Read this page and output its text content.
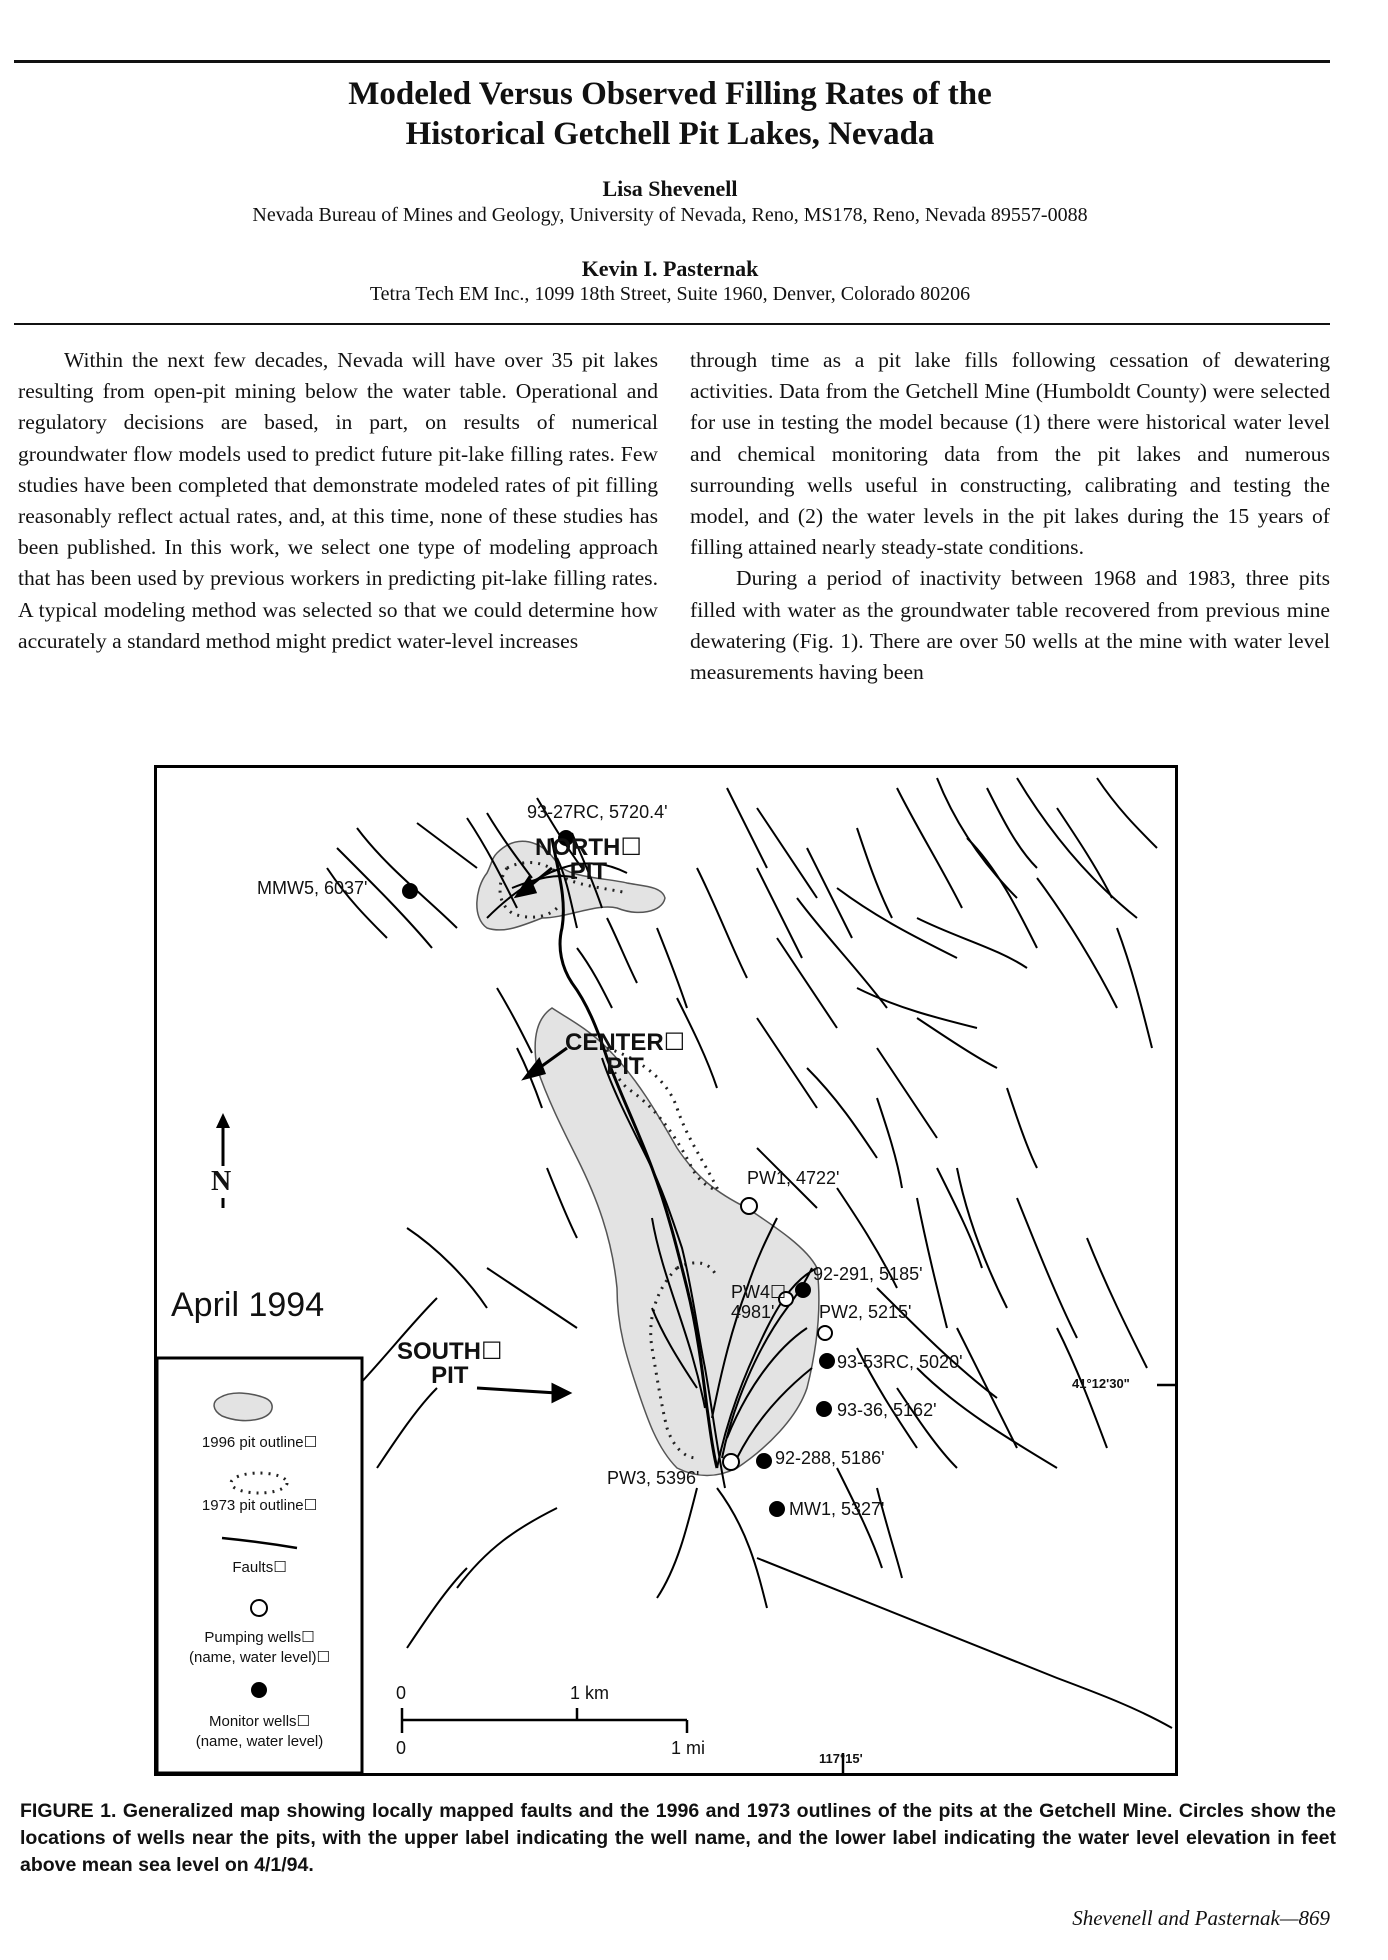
Modeled Versus Observed Filling Rates of the
Historical Getchell Pit Lakes, Nevada
Lisa Shevenell
Nevada Bureau of Mines and Geology, University of Nevada, Reno, MS178, Reno, Nevada 89557-0088
Kevin I. Pasternak
Tetra Tech EM Inc., 1099 18th Street, Suite 1960, Denver, Colorado 80206

Within the next few decades, Nevada will have over 35 pit lakes resulting from open-pit mining below the water table. Operational and regulatory decisions are based, in part, on results of numerical groundwater flow models used to predict future pit-lake filling rates. Few studies have been completed that demonstrate modeled rates of pit filling reasonably reflect actual rates, and, at this time, none of these studies has been published. In this work, we select one type of modeling approach that has been used by previous workers in predicting pit-lake filling rates. A typical modeling method was selected so that we could determine how accurately a standard method might predict water-level increases

through time as a pit lake fills following cessation of dewatering activities. Data from the Getchell Mine (Humboldt County) were selected for use in testing the model because (1) there were historical water level and chemical monitoring data from the pit lakes and numerous surrounding wells useful in constructing, calibrating and testing the model, and (2) the water levels in the pit lakes during the 15 years of filling attained nearly steady-state conditions.

During a period of inactivity between 1968 and 1983, three pits filled with water as the groundwater table recovered from previous mine dewatering (Fig. 1). There are over 50 wells at the mine with water level measurements having been

April 1994
N
NORTH☐
PIT
CENTER☐
PIT
SOUTH☐
PIT
93-27RC, 5720.4'
MMW5, 6037'
PW1, 4722'
92-291, 5185'
PW4☐
4981'	PW2, 5215'
93-53RC, 5020'
93-36, 5162'
92-288, 5186'
PW3, 5396'
MW1, 5327'
41°12'30"
117°15'
1996 pit outline☐
1973 pit outline☐
Faults☐
Pumping wells☐
(name, water level)☐
Monitor wells☐
(name, water level)
0	1 km
0	1 mi
FIGURE 1. Generalized map showing locally mapped faults and the 1996 and 1973 outlines of the pits at the Getchell Mine. Circles show the locations of wells near the pits, with the upper label indicating the well name, and the lower label indicating the water level elevation in feet above mean sea level on 4/1/94.
Shevenell and Pasternak—869
